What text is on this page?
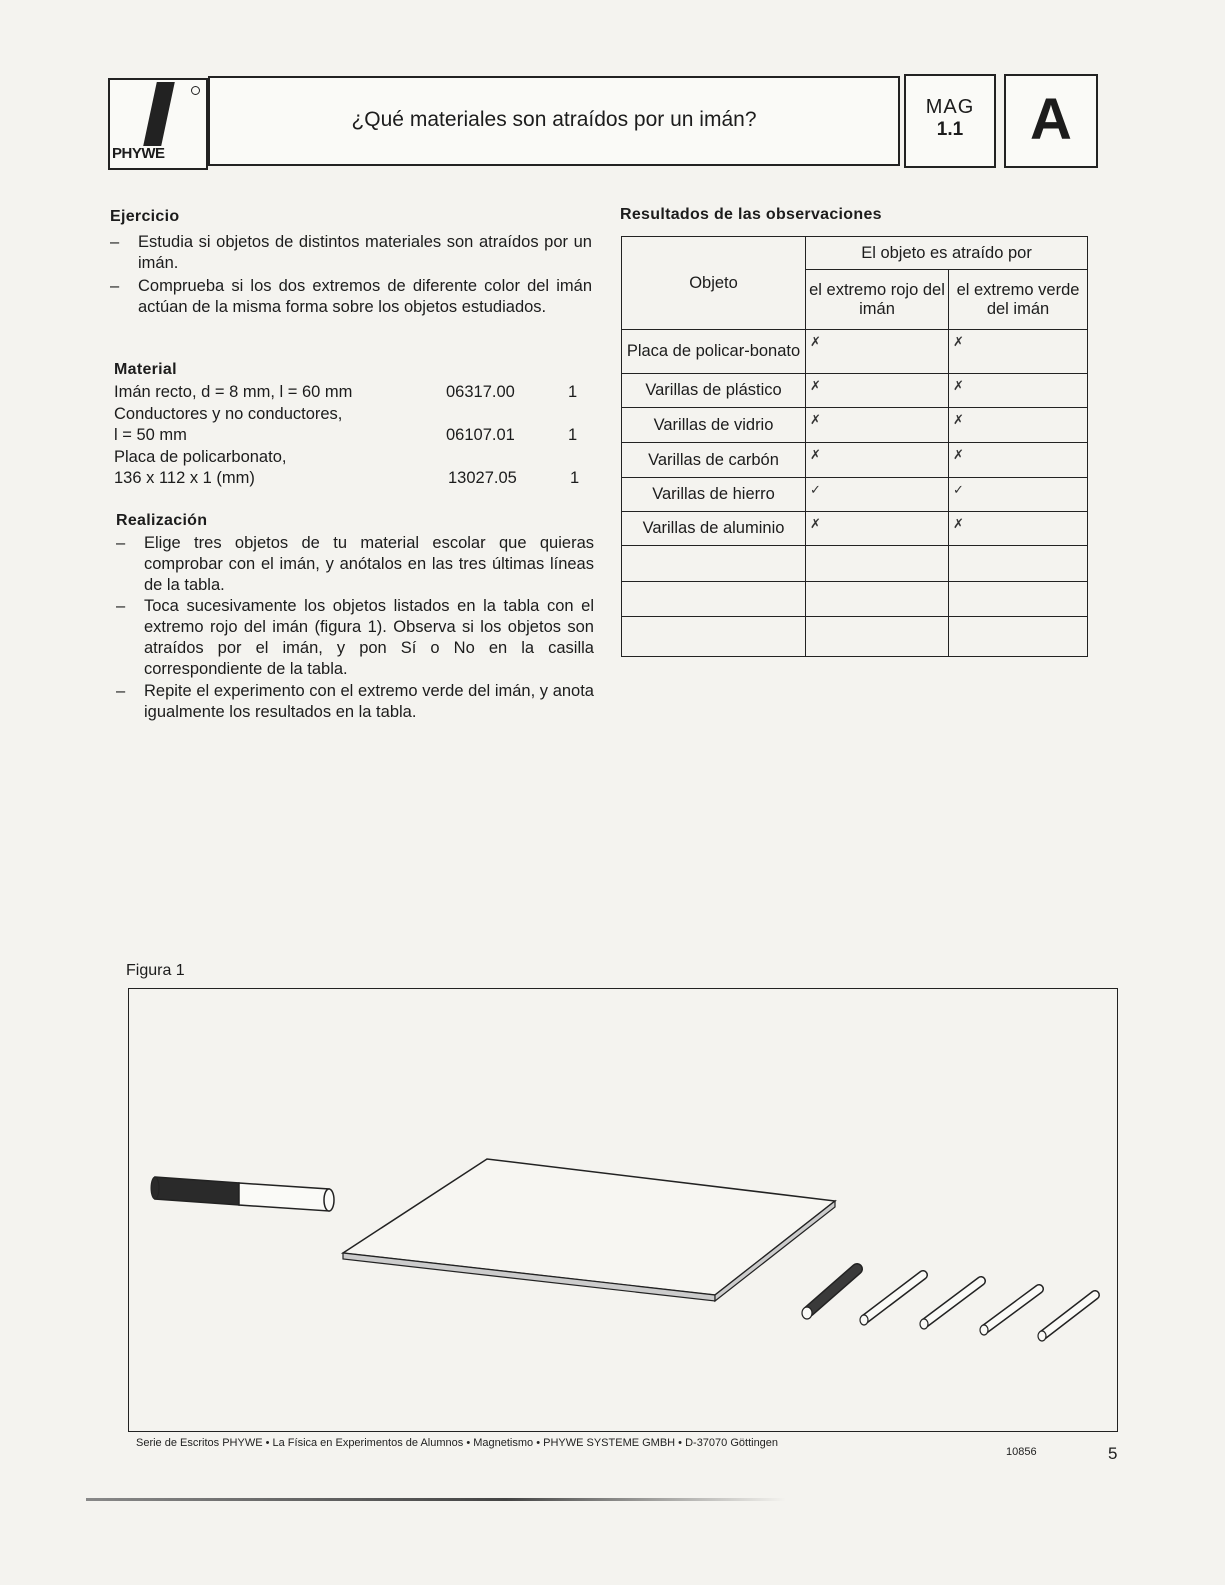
PHYWE
¿Qué materiales son atraídos por un imán?
MAG
1.1	A
Ejercicio
– Estudia si objetos de distintos materiales son atraídos por un imán.
– Comprueba si los dos extremos de diferente color del imán actúan de la misma forma sobre los objetos estudiados.
Material
Imán recto, d = 8 mm, l = 60 mm	06317.00	1
Conductores y no conductores,
l = 50 mm	06107.01	1
Placa de policarbonato,
136 x 112 x 1 (mm)	13027.05	1
Realización
– Elige tres objetos de tu material escolar que quieras comprobar con el imán, y anótalos en las tres últimas líneas de la tabla.
– Toca sucesivamente los objetos listados en la tabla con el extremo rojo del imán (figura 1). Observa si los objetos son atraídos por el imán, y pon Sí o No en la casilla correspondiente de la tabla.
– Repite el experimento con el extremo verde del imán, y anota igualmente los resultados en la tabla.
Resultados de las observaciones
Objeto	El objeto es atraído por	
	el extremo rojo del imán	el extremo verde del imán
Placa de policar-bonato	✗	✗

Varillas de plástico	✗	✗

Varillas de vidrio	✗	✗

Varillas de carbón	✗	✗

Varillas de hierro	✓	✓

Varillas de aluminio	✗	✗

Figura 1
Serie de Escritos PHYWE • La Física en Experimentos de Alumnos • Magnetismo • PHYWE SYSTEME GMBH • D-37070 Göttingen
10856	5
